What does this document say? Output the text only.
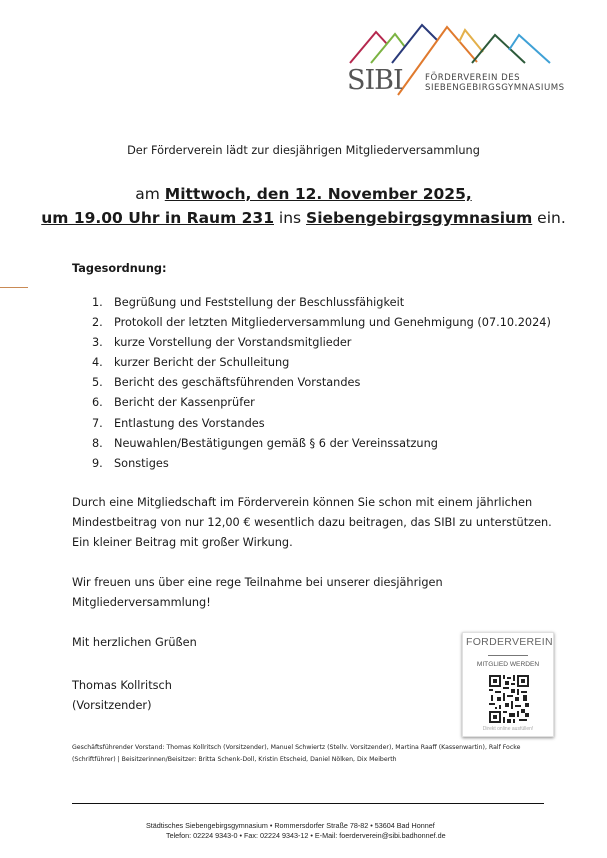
SIBI	FÖRDERVEREIN DES
SIEBENGEBIRGSGYMNASIUMS
Der Förderverein lädt zur diesjährigen Mitgliederversammlung
am Mittwoch, den 12. November 2025,
um 19.00 Uhr in Raum 231 ins Siebengebirgsgymnasium ein.
Tagesordnung:
1. Begrüßung und Feststellung der Beschlussfähigkeit
2. Protokoll der letzten Mitgliederversammlung und Genehmigung (07.10.2024)
3. kurze Vorstellung der Vorstandsmitglieder
4. kurzer Bericht der Schulleitung
5. Bericht des geschäftsführenden Vorstandes
6. Bericht der Kassenprüfer
7. Entlastung des Vorstandes
8. Neuwahlen/Bestätigungen gemäß § 6 der Vereinssatzung
9. Sonstiges
Durch eine Mitgliedschaft im Förderverein können Sie schon mit einem jährlichen
Mindestbeitrag von nur 12,00 € wesentlich dazu beitragen, das SIBI zu unterstützen.
Ein kleiner Beitrag mit großer Wirkung.
Wir freuen uns über eine rege Teilnahme bei unserer diesjährigen
Mitgliederversammlung!
Mit herzlichen Grüßen
Thomas Kollritsch
(Vorsitzender)
FORDERVEREIN
MITGLIED WERDEN
Direkt online ausfüllen!
Geschäftsführender Vorstand: Thomas Kollritsch (Vorsitzender), Manuel Schwiertz (Stellv. Vorsitzender), Martina Raaff (Kassenwartin), Ralf Focke
(Schriftführer) | Beisitzerinnen/Beisitzer: Britta Schenk-Doll, Kristin Etscheid, Daniel Nölken, Dix Meiberth
Städtisches Siebengebirgsgymnasium • Rommersdorfer Straße 78-82 • 53604 Bad Honnef
Telefon: 02224 9343-0 • Fax: 02224 9343-12 • E-Mail: foerderverein@sibi.badhonnef.de
